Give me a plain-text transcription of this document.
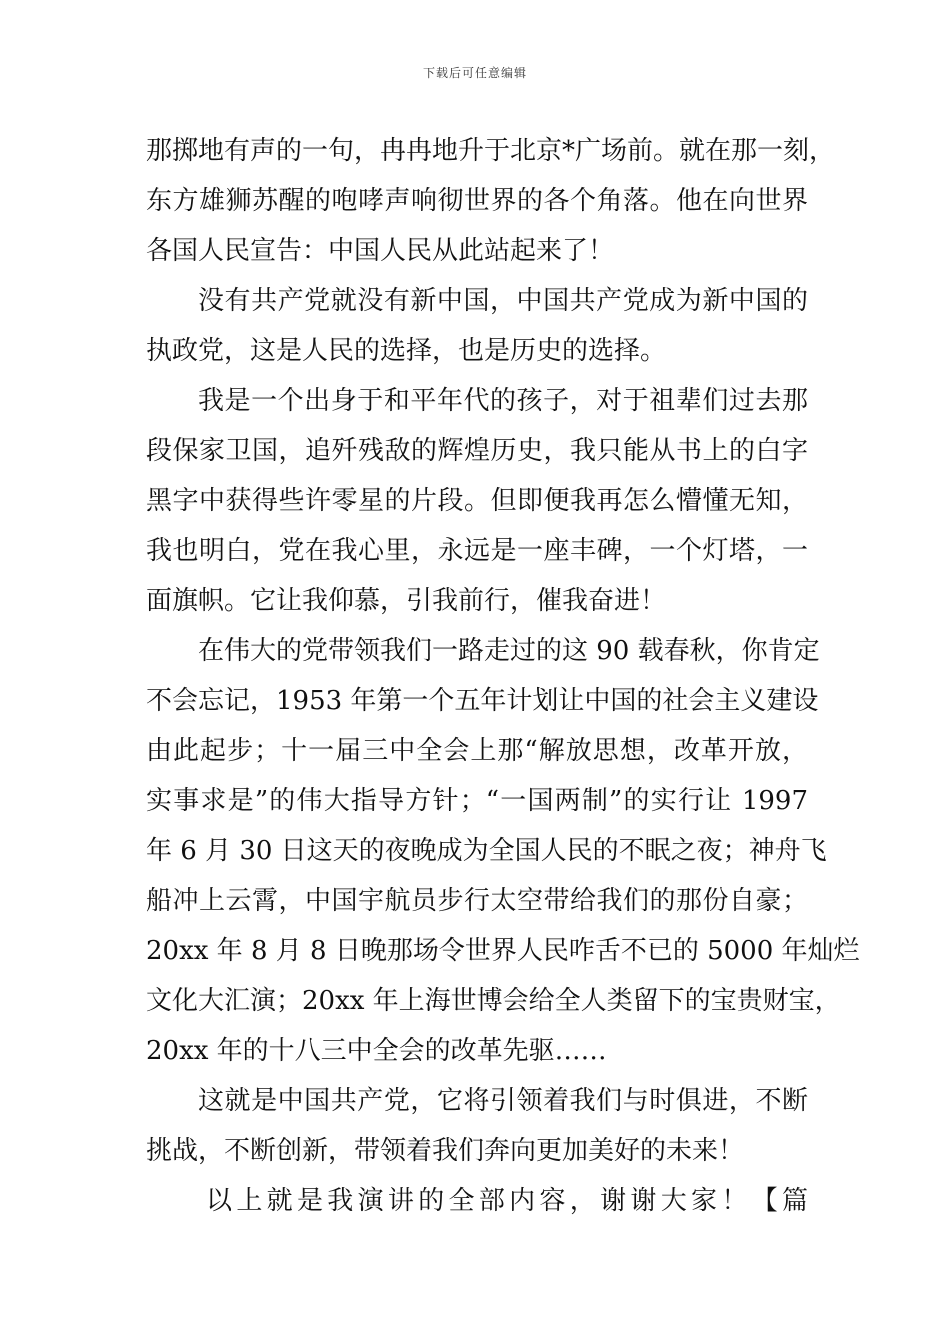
下载后可任意编辑
那掷地有声的一句，冉冉地升于北京*广场前。就在那一刻，
东方雄狮苏醒的咆哮声响彻世界的各个角落。他在向世界
各国人民宣告：中国人民从此站起来了！
没有共产党就没有新中国，中国共产党成为新中国的
执政党，这是人民的选择，也是历史的选择。
我是一个出身于和平年代的孩子，对于祖辈们过去那
段保家卫国，追歼残敌的辉煌历史，我只能从书上的白字
黑字中获得些许零星的片段。但即便我再怎么懵懂无知，
我也明白，党在我心里，永远是一座丰碑，一个灯塔，一
面旗帜。它让我仰慕，引我前行，催我奋进！
在伟大的党带领我们一路走过的这 90 载春秋，你肯定
不会忘记，1953 年第一个五年计划让中国的社会主义建设
由此起步；十一届三中全会上那“解放思想，改革开放，
实事求是”的伟大指导方针；“一国两制”的实行让 1997
年 6 月 30 日这天的夜晚成为全国人民的不眠之夜；神舟飞
船冲上云霄，中国宇航员步行太空带给我们的那份自豪；
20xx 年 8 月 8 日晚那场令世界人民咋舌不已的 5000 年灿烂
文化大汇演；20xx 年上海世博会给全人类留下的宝贵财宝，
20xx 年的十八三中全会的改革先驱……
这就是中国共产党，它将引领着我们与时俱进，不断
挑战，不断创新，带领着我们奔向更加美好的未来！
以上就是我演讲的全部内容，谢谢大家！【篇
